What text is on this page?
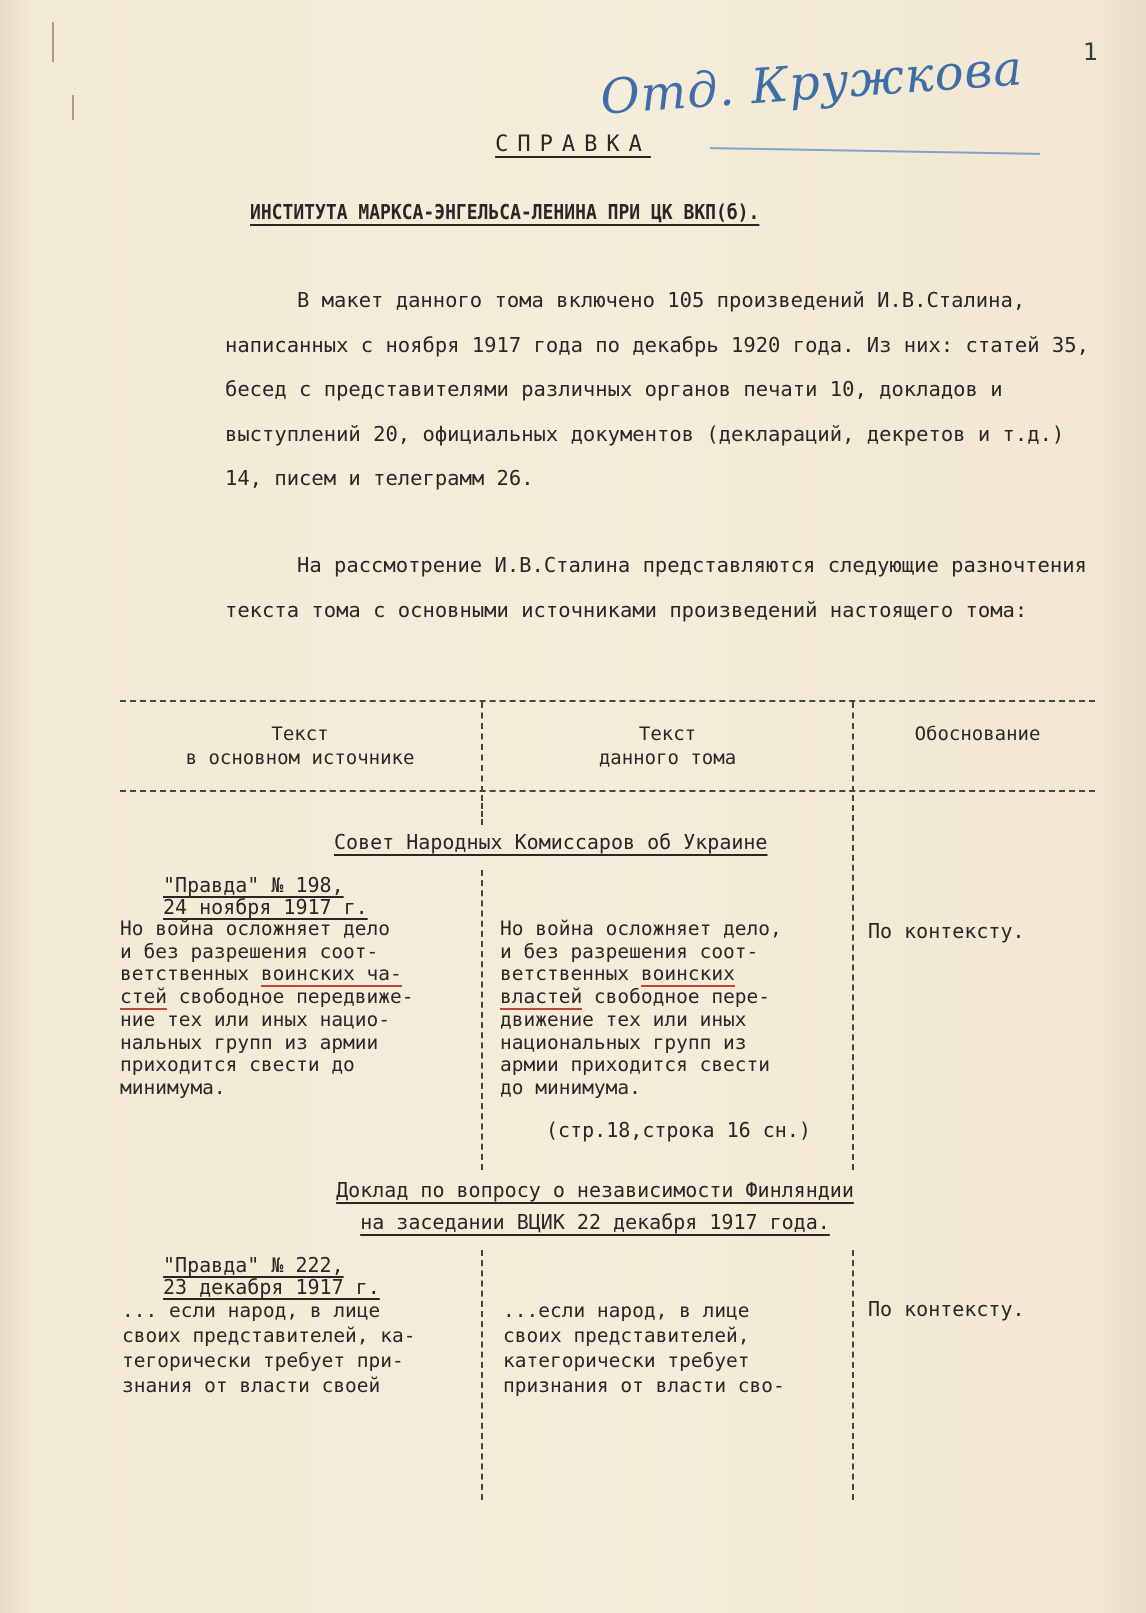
1
Отд. Кружкова
СПРАВКА
ИНСТИТУТА МАРКСА-ЭНГЕЛЬСА-ЛЕНИНА ПРИ ЦК ВКП(б).

В макет данного тома включено 105 произведений И.В.Сталина, написанных с ноября 1917 года по декабрь 1920 года. Из них: статей 35, бесед с представителями различных органов печати 10, докладов и выступлений 20, официальных документов (деклараций, декретов и т.д.) 14, писем и телеграмм 26.

На рассмотрение И.В.Сталина представляются следующие разночтения текста тома с основными источниками произведений настоящего тома:

Текст
в основном источнике
Текст
данного тома
Обоснование
Совет Народных Комиссаров об Украине
"Правда" № 198,
24 ноября 1917 г.

Но война осложняет дело
и без разрешения соот-
ветственных воинских ча-
стей свободное передвиже-
ние тех или иных нацио-
нальных групп из армии
приходится свести до
минимума.

Но война осложняет дело,
и без разрешения соот-
ветственных воинских
властей свободное пере-
движение тех или иных
национальных групп из
армии приходится свести
до минимума.

(стр.18,строка 16 сн.)
По контексту.
Доклад по вопросу о независимости Финляндии
на заседании ВЦИК 22 декабря 1917 года.
"Правда" № 222,
23 декабря 1917 г.

... если народ, в лице
своих представителей, ка-
тегорически требует при-
знания от власти своей

...если народ, в лице
своих представителей,
категорически требует
признания от власти сво-

По контексту.
